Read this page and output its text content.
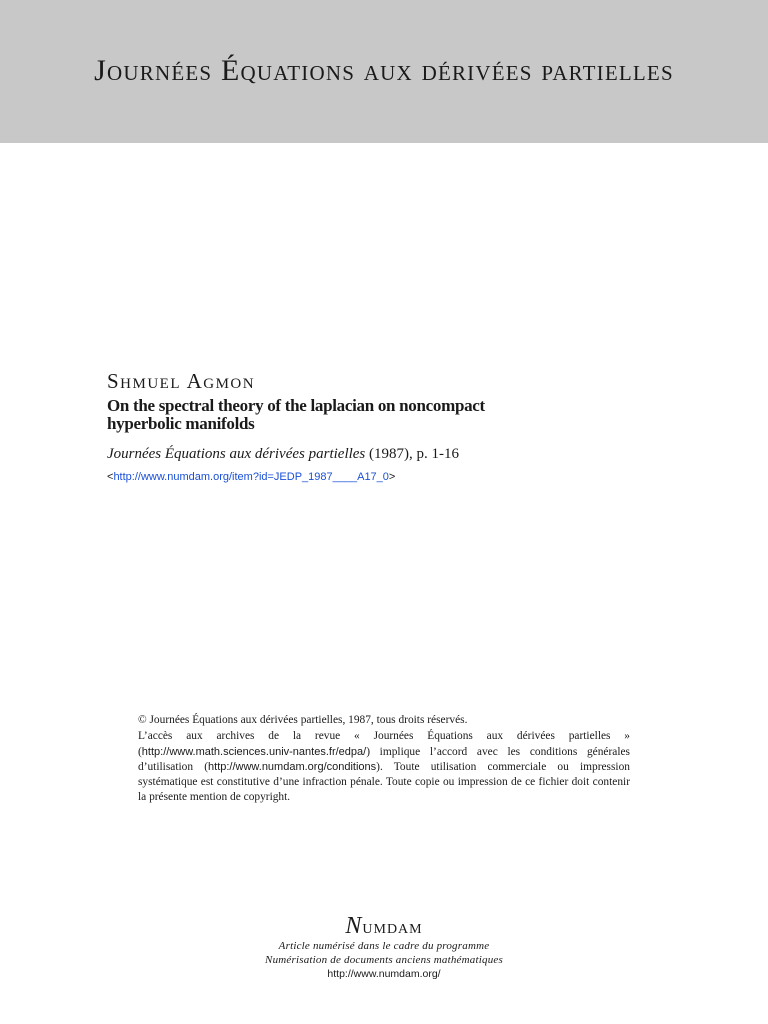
Journées Équations aux dérivées partielles
Shmuel Agmon
On the spectral theory of the laplacian on noncompact hyperbolic manifolds
Journées Équations aux dérivées partielles (1987), p. 1-16
<http://www.numdam.org/item?id=JEDP_1987____A17_0>

© Journées Équations aux dérivées partielles, 1987, tous droits réservés.

L’accès aux archives de la revue « Journées Équations aux dérivées partielles » (http://www.math.sciences.univ-nantes.fr/edpa/) implique l’accord avec les conditions générales d’utilisation (http://www.numdam.org/conditions). Toute utilisation commerciale ou impression systématique est constitutive d’une infraction pénale. Toute copie ou impression de ce fichier doit contenir la présente mention de copyright.

Numdam
Article numérisé dans le cadre du programme
Numérisation de documents anciens mathématiques
http://www.numdam.org/
